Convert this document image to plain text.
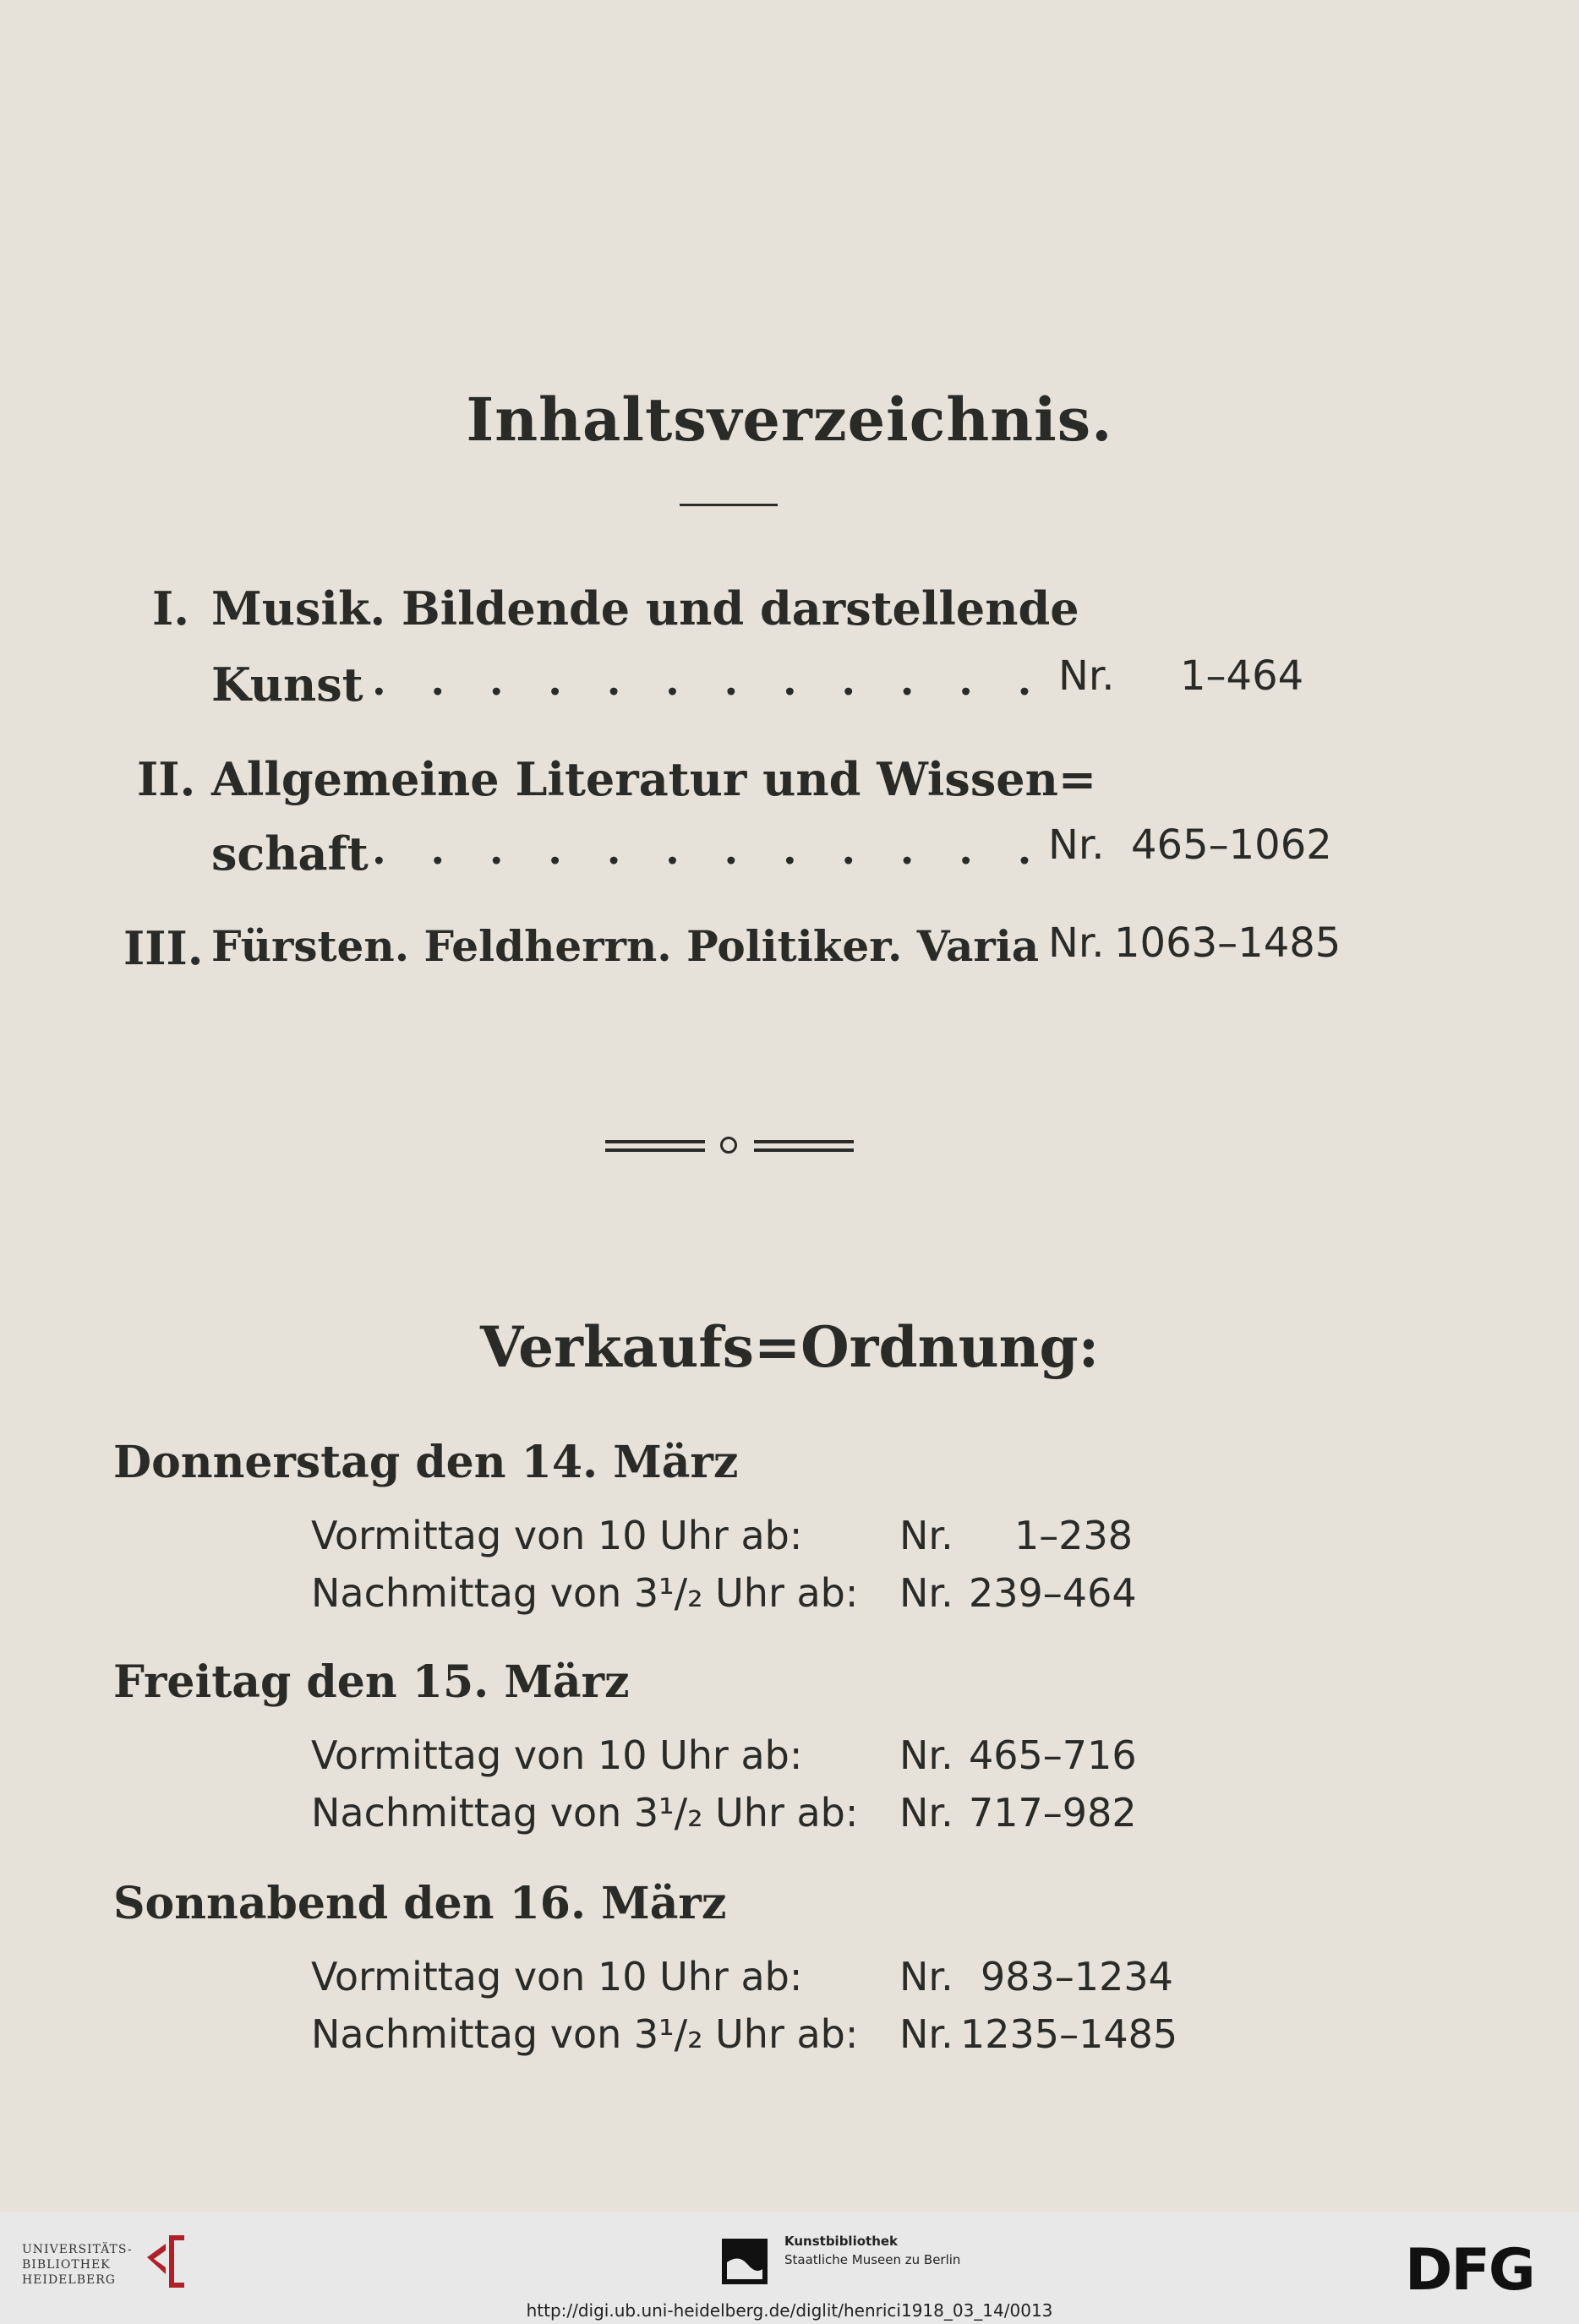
Inhaltsverzeichnis.
I. Musik. Bildende und darstellende
Kunst . . . . . . . . . . . . Nr. 1–464
II. Allgemeine Literatur und Wissen=
schaft . . . . . . . . . . . . Nr. 465–1062
III. Fürsten. Feldherrn. Politiker. Varia Nr. 1063–1485
Verkaufs=Ordnung:
Donnerstag den 14. März
Vormittag von 10 Uhr ab: Nr. 1–238
Nachmittag von 3¹/₂ Uhr ab: Nr. 239–464
Freitag den 15. März
Vormittag von 10 Uhr ab: Nr. 465–716
Nachmittag von 3¹/₂ Uhr ab: Nr. 717–982
Sonnabend den 16. März
Vormittag von 10 Uhr ab: Nr. 983–1234
Nachmittag von 3¹/₂ Uhr ab: Nr. 1235–1485
UNIVERSITÄTS-
BIBLIOTHEK
HEIDELBERG
Kunstbibliothek
Staatliche Museen zu Berlin	DFG
http://digi.ub.uni-heidelberg.de/diglit/henrici1918_03_14/0013
